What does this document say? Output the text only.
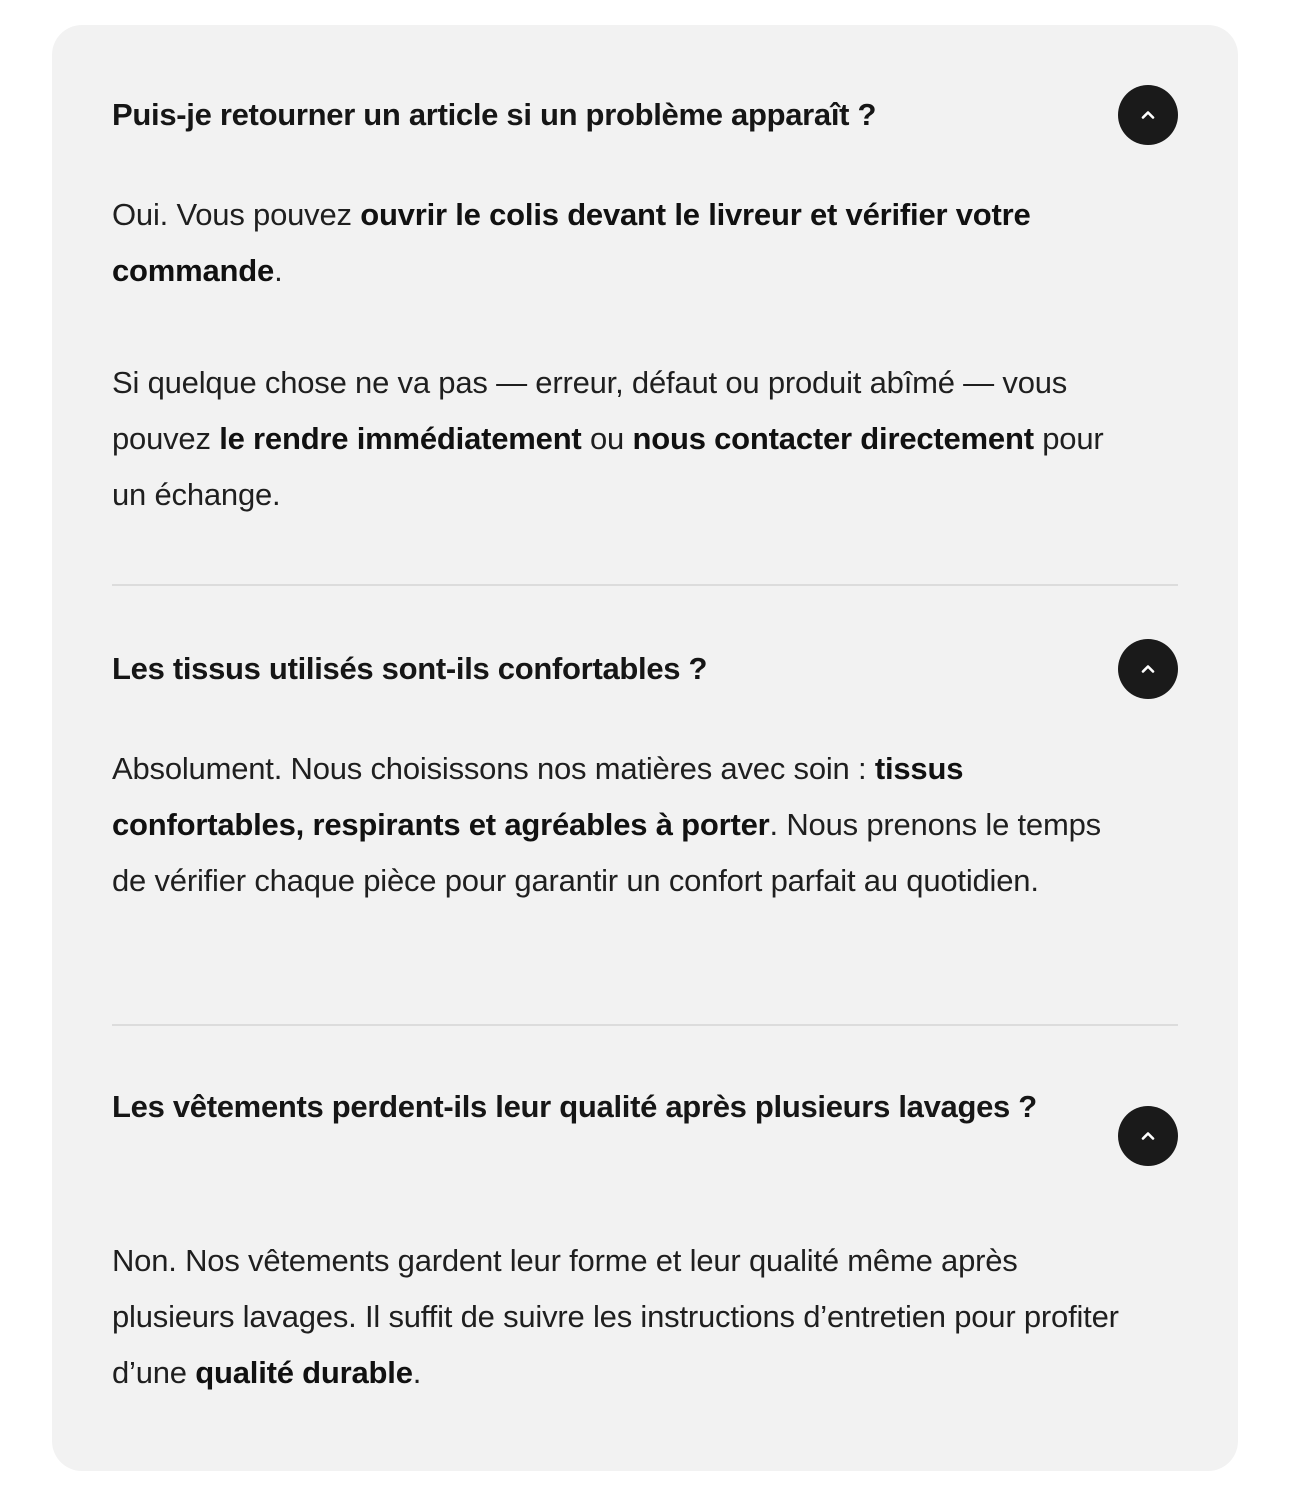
Puis-je retourner un article si un problème apparaît ?

Oui. Vous pouvez ouvrir le colis devant le livreur et vérifier votre commande.

Si quelque chose ne va pas — erreur, défaut ou produit abîmé — vous pouvez le rendre immédiatement ou nous contacter directement pour un échange.

Les tissus utilisés sont-ils confortables ?

Absolument. Nous choisissons nos matières avec soin : tissus confortables, respirants et agréables à porter. Nous prenons le temps de vérifier chaque pièce pour garantir un confort parfait au quotidien.

Les vêtements perdent-ils leur qualité après plusieurs lavages ?

Non. Nos vêtements gardent leur forme et leur qualité même après plusieurs lavages. Il suffit de suivre les instructions d’entretien pour profiter d’une qualité durable.
